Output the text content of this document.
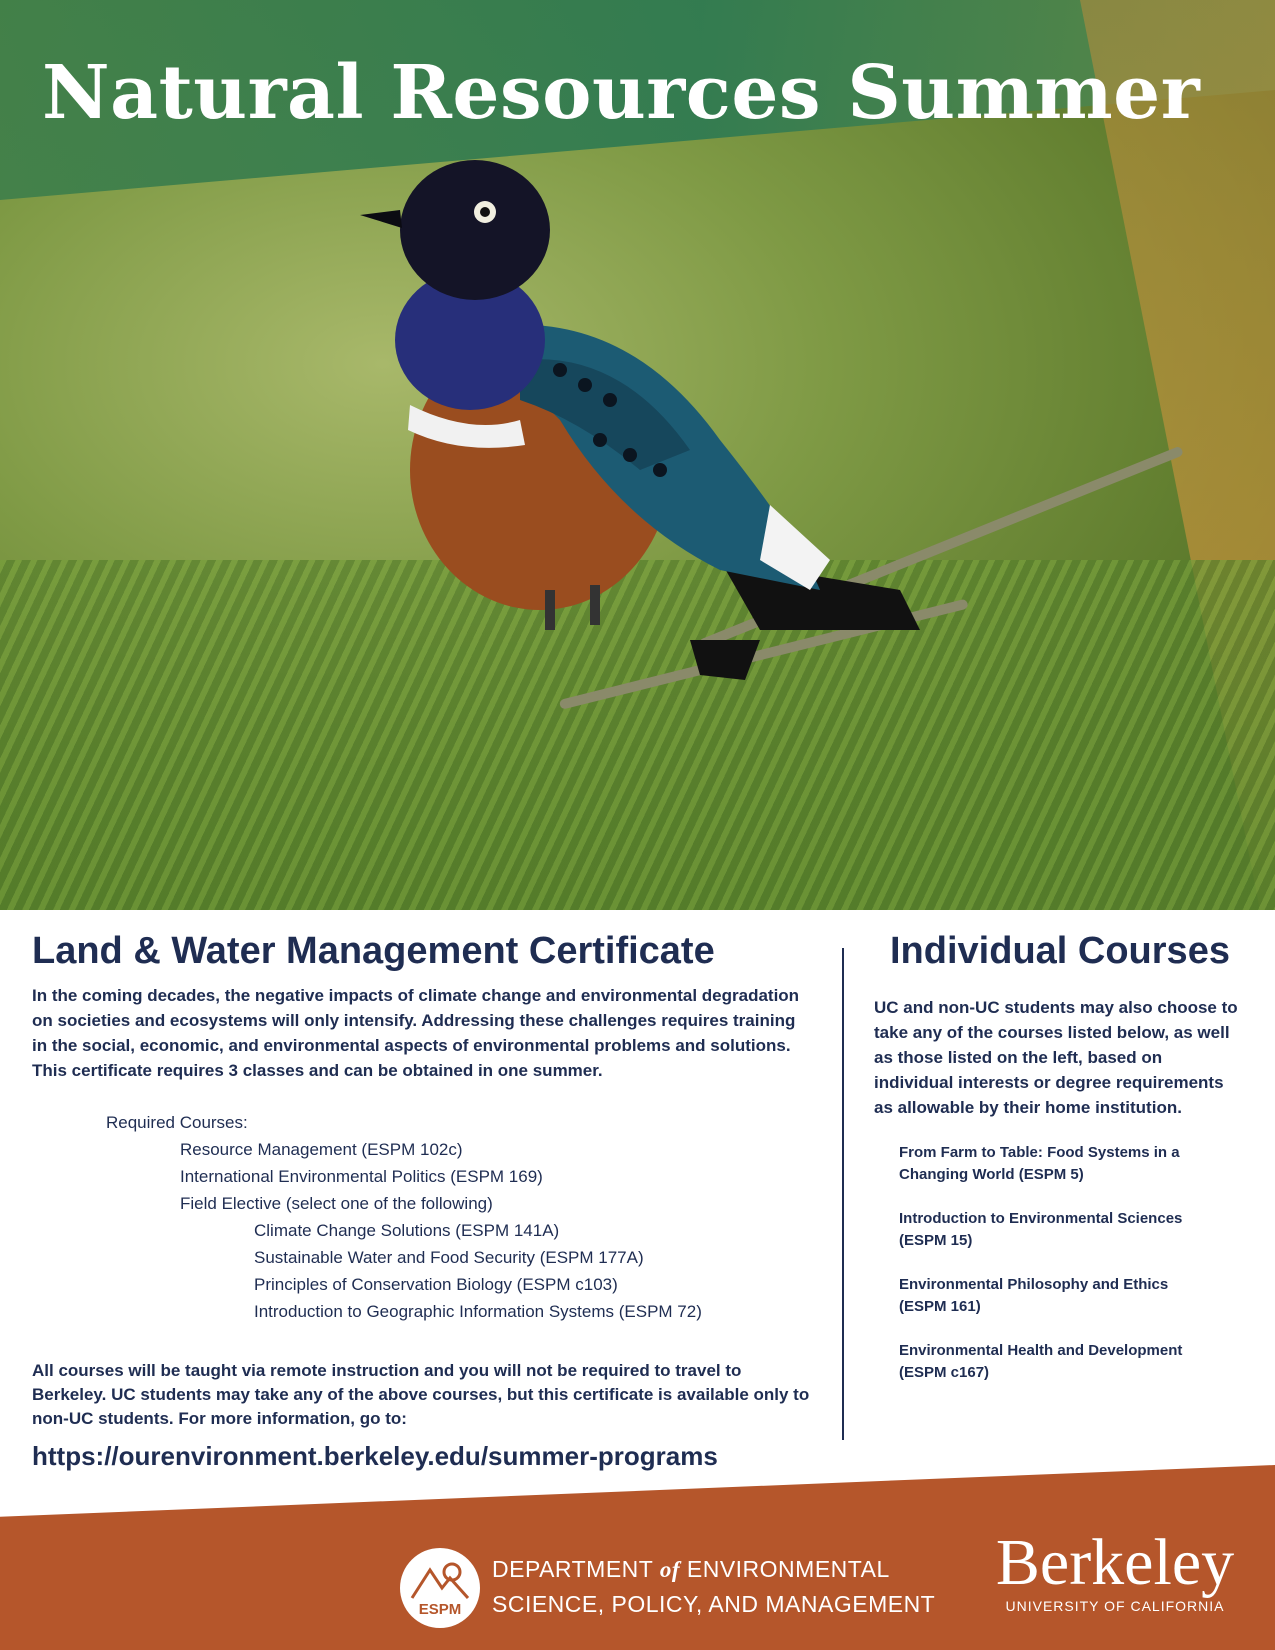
Natural Resources Summer
Land & Water Management Certificate

In the coming decades, the negative impacts of climate change and environmental degradation on societies and ecosystems will only intensify. Addressing these challenges requires training in the social, economic, and environmental aspects of environmental problems and solutions. This certificate requires 3 classes and can be obtained in one summer.

Required Courses:
Resource Management (ESPM 102c)
International Environmental Politics (ESPM 169)
Field Elective (select one of the following)
Climate Change Solutions (ESPM 141A)
Sustainable Water and Food Security (ESPM 177A)
Principles of Conservation Biology (ESPM c103)
Introduction to Geographic Information Systems (ESPM 72)

All courses will be taught via remote instruction and you will not be required to travel to Berkeley. UC students may take any of the above courses, but this certificate is available only to non-UC students. For more information, go to:

https://ourenvironment.berkeley.edu/summer-programs
Individual Courses

UC and non-UC students may also choose to take any of the courses listed below, as well as those listed on the left, based on individual interests or degree requirements as allowable by their home institution.

From Farm to Table: Food Systems in a Changing World (ESPM 5)
Introduction to Environmental Sciences (ESPM 15)
Environmental Philosophy and Ethics (ESPM 161)
Environmental Health and Development (ESPM c167)
ESPM
DEPARTMENT of ENVIRONMENTAL
SCIENCE, POLICY, AND MANAGEMENT
Berkeley
UNIVERSITY OF CALIFORNIA
